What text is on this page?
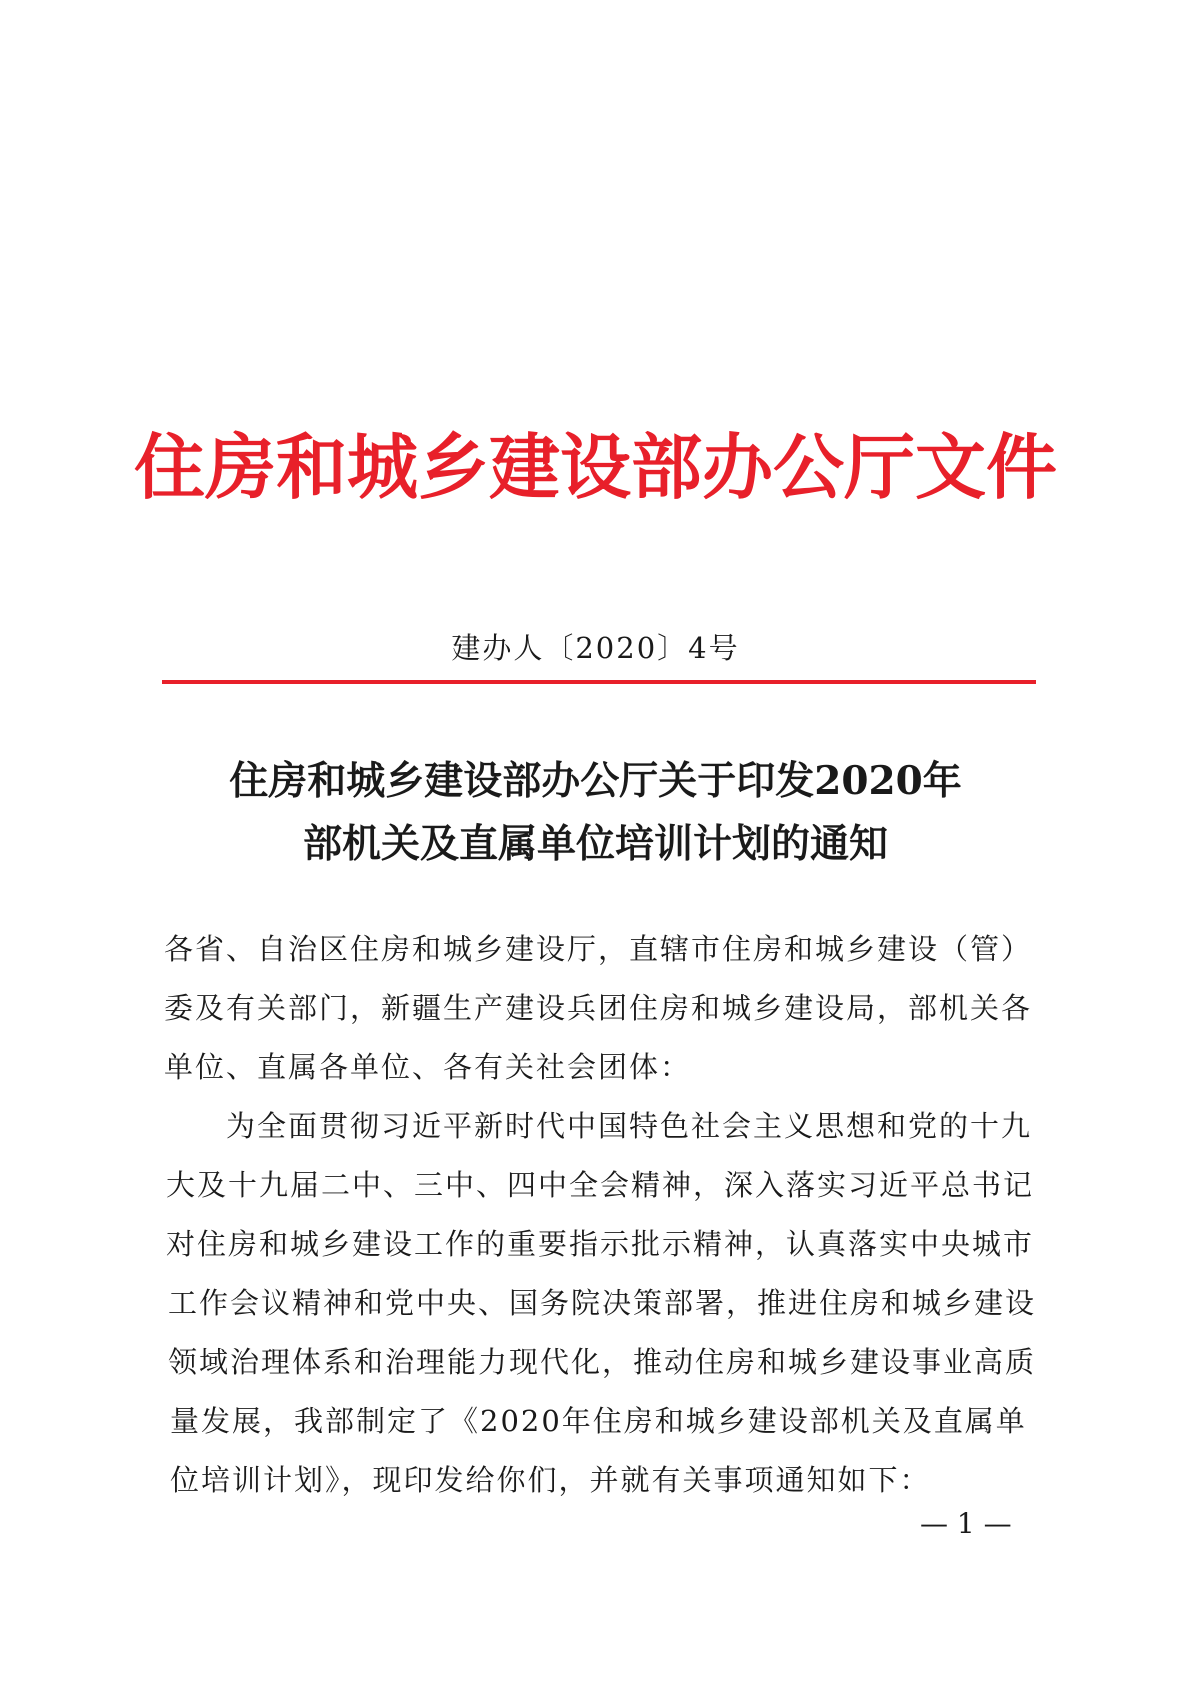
住房和城乡建设部办公厅文件
建办人〔2020〕4号
住房和城乡建设部办公厅关于印发2020年
部机关及直属单位培训计划的通知
各省、自治区住房和城乡建设厅，直辖市住房和城乡建设（管）
委及有关部门，新疆生产建设兵团住房和城乡建设局，部机关各
单位、直属各单位、各有关社会团体：
为全面贯彻习近平新时代中国特色社会主义思想和党的十九
大及十九届二中、三中、四中全会精神，深入落实习近平总书记
对住房和城乡建设工作的重要指示批示精神，认真落实中央城市
工作会议精神和党中央、国务院决策部署，推进住房和城乡建设
领域治理体系和治理能力现代化，推动住房和城乡建设事业高质
量发展，我部制定了《2020年住房和城乡建设部机关及直属单
位培训计划》，现印发给你们，并就有关事项通知如下：
— 1 —
